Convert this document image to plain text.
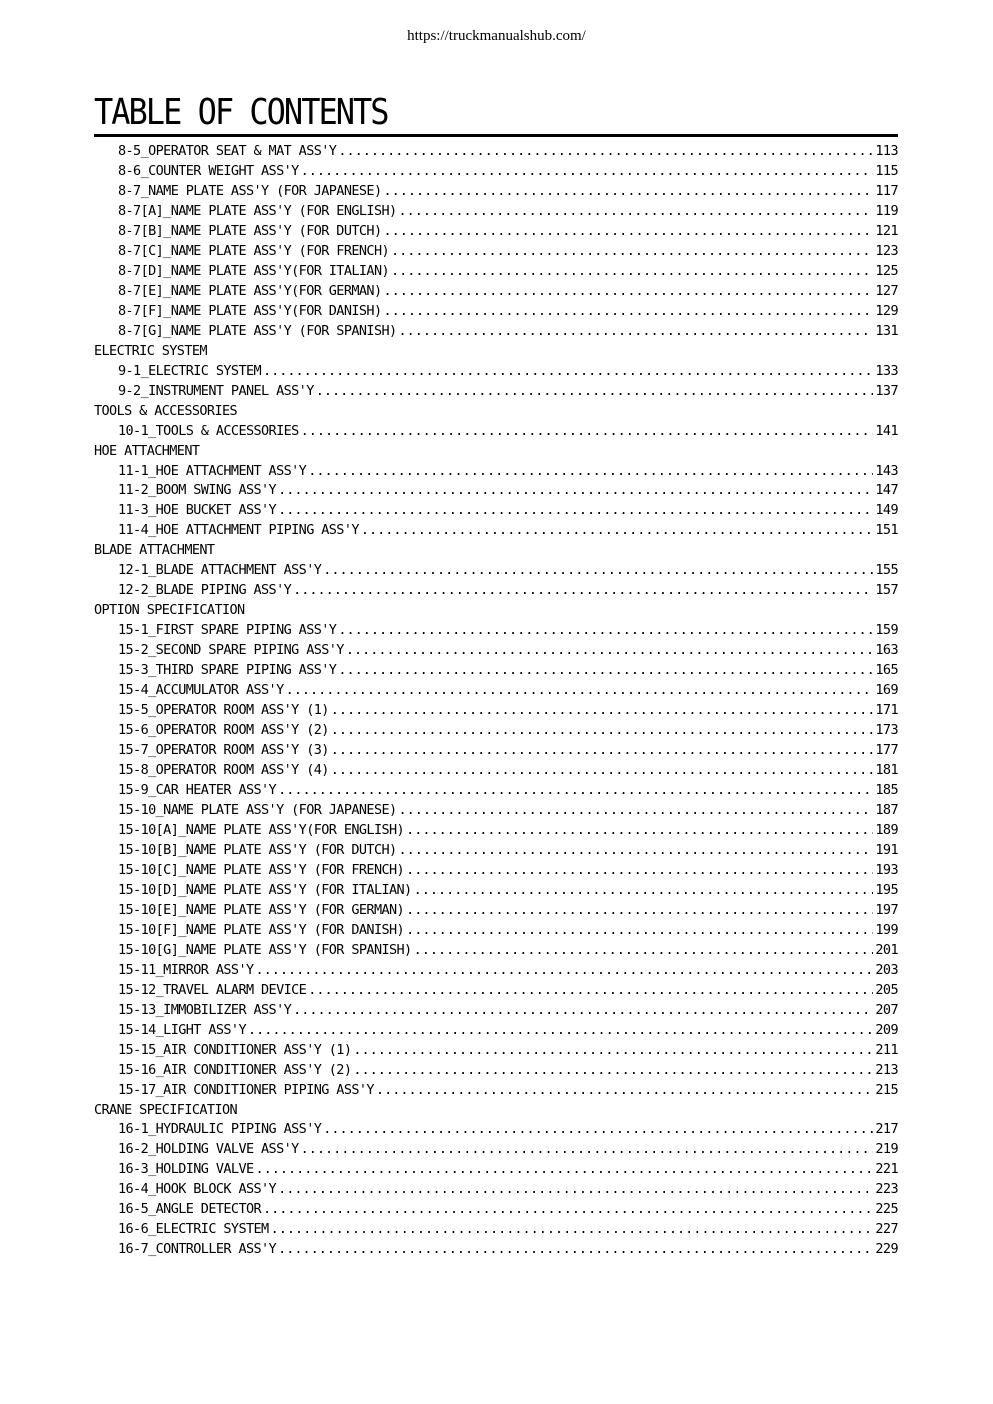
https://truckmanualshub.com/
TABLE OF CONTENTS
8-5_OPERATOR SEAT & MAT ASS'Y .....	113
8-6_COUNTER WEIGHT ASS'Y .....	115
8-7_NAME PLATE ASS'Y (FOR JAPANESE) .....	117
8-7[A]_NAME PLATE ASS'Y (FOR ENGLISH) .....	119
8-7[B]_NAME PLATE ASS'Y (FOR DUTCH) .....	121
8-7[C]_NAME PLATE ASS'Y (FOR FRENCH) .....	123
8-7[D]_NAME PLATE ASS'Y(FOR ITALIAN) .....	125
8-7[E]_NAME PLATE ASS'Y(FOR GERMAN) .....	127
8-7[F]_NAME PLATE ASS'Y(FOR DANISH) .....	129
8-7[G]_NAME PLATE ASS'Y (FOR SPANISH) .....	131
ELECTRIC SYSTEM
9-1_ELECTRIC SYSTEM .....	133
9-2_INSTRUMENT PANEL ASS'Y .....	137
TOOLS & ACCESSORIES
10-1_TOOLS & ACCESSORIES .....	141
HOE ATTACHMENT
11-1_HOE ATTACHMENT ASS'Y .....	143
11-2_BOOM SWING ASS'Y .....	147
11-3_HOE BUCKET ASS'Y .....	149
11-4_HOE ATTACHMENT PIPING ASS'Y .....	151
BLADE ATTACHMENT
12-1_BLADE ATTACHMENT ASS'Y .....	155
12-2_BLADE PIPING ASS'Y .....	157
OPTION SPECIFICATION
15-1_FIRST SPARE PIPING ASS'Y .....	159
15-2_SECOND SPARE PIPING ASS'Y .....	163
15-3_THIRD SPARE PIPING ASS'Y .....	165
15-4_ACCUMULATOR ASS'Y .....	169
15-5_OPERATOR ROOM ASS'Y (1) .....	171
15-6_OPERATOR ROOM ASS'Y (2) .....	173
15-7_OPERATOR ROOM ASS'Y (3) .....	177
15-8_OPERATOR ROOM ASS'Y (4) .....	181
15-9_CAR HEATER ASS'Y .....	185
15-10_NAME PLATE ASS'Y (FOR JAPANESE) .....	187
15-10[A]_NAME PLATE ASS'Y(FOR ENGLISH) .....	189
15-10[B]_NAME PLATE ASS'Y (FOR DUTCH) .....	191
15-10[C]_NAME PLATE ASS'Y (FOR FRENCH) .....	193
15-10[D]_NAME PLATE ASS'Y (FOR ITALIAN) .....	195
15-10[E]_NAME PLATE ASS'Y (FOR GERMAN) .....	197
15-10[F]_NAME PLATE ASS'Y (FOR DANISH) .....	199
15-10[G]_NAME PLATE ASS'Y (FOR SPANISH) .....	201
15-11_MIRROR ASS'Y .....	203
15-12_TRAVEL ALARM DEVICE .....	205
15-13_IMMOBILIZER ASS'Y .....	207
15-14_LIGHT ASS'Y .....	209
15-15_AIR CONDITIONER ASS'Y (1) .....	211
15-16_AIR CONDITIONER ASS'Y (2) .....	213
15-17_AIR CONDITIONER PIPING ASS'Y .....	215
CRANE SPECIFICATION
16-1_HYDRAULIC PIPING ASS'Y .....	217
16-2_HOLDING VALVE ASS'Y .....	219
16-3_HOLDING VALVE .....	221
16-4_HOOK BLOCK ASS'Y .....	223
16-5_ANGLE DETECTOR .....	225
16-6_ELECTRIC SYSTEM .....	227
16-7_CONTROLLER ASS'Y .....	229
